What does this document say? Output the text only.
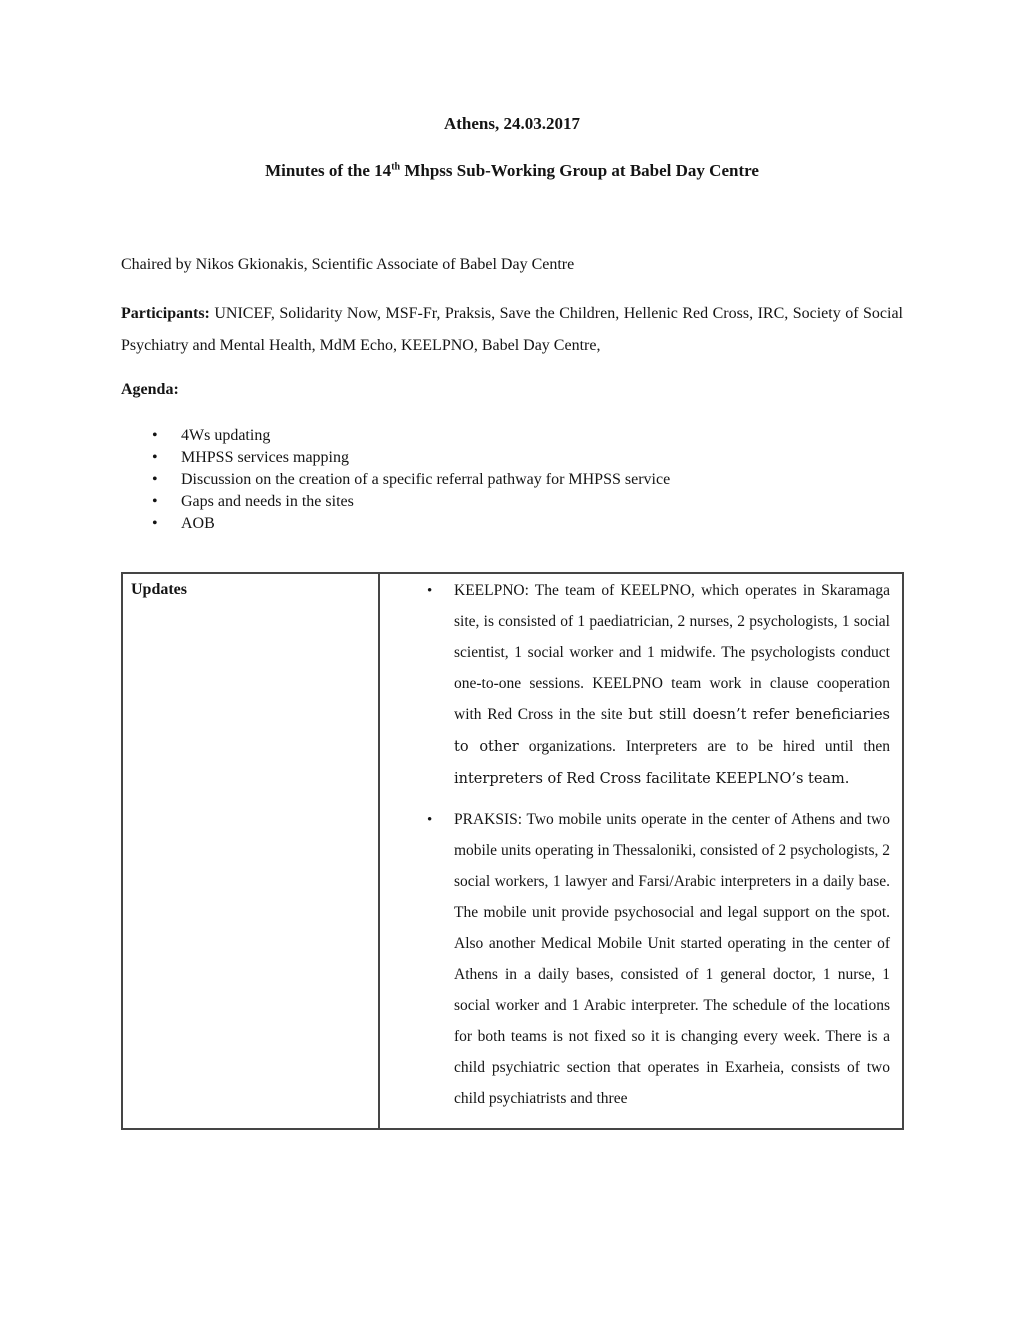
Athens, 24.03.2017

Minutes of the 14th Mhpss Sub-Working Group at Babel Day Centre

Chaired by Nikos Gkionakis, Scientific Associate of Babel Day Centre

Participants: UNICEF, Solidarity Now, MSF-Fr, Praksis, Save the Children, Hellenic Red Cross, IRC, Society of Social Psychiatry and Mental Health, MdM Echo, KEELPNO, Babel Day Centre,

Agenda:

• 4Ws updating
• MHPSS services mapping
• Discussion on the creation of a specific referral pathway for MHPSS service
• Gaps and needs in the sites
• AOB
Updates	
•KEELPNO: The team of KEELPNO, which operates in Skaramaga site, is consisted of 1 paediatrician, 2 nurses, 2 psychologists, 1 social scientist, 1 social worker and 1 midwife. The psychologists conduct one-to-one sessions. KEELPNO team work in clause cooperation with Red Cross in the site but still doesn’t refer beneficiaries to other organizations. Interpreters are to be hired until then interpreters of Red Cross facilitate KEEPLNO’s team.
• PRAKSIS: Two mobile units operate in the center of Athens and two mobile units operating in Thessaloniki, consisted of 2 psychologists, 2 social workers, 1 lawyer and Farsi/Arabic interpreters in a daily base. The mobile unit provide psychosocial and legal support on the spot. Also another Medical Mobile Unit started operating in the center of Athens in a daily bases, consisted of 1 general doctor, 1 nurse, 1 social worker and 1 Arabic interpreter. The schedule of the locations for both teams is not fixed so it is changing every week. There is a child psychiatric section that operates in Exarheia, consists of two child psychiatrists and three
